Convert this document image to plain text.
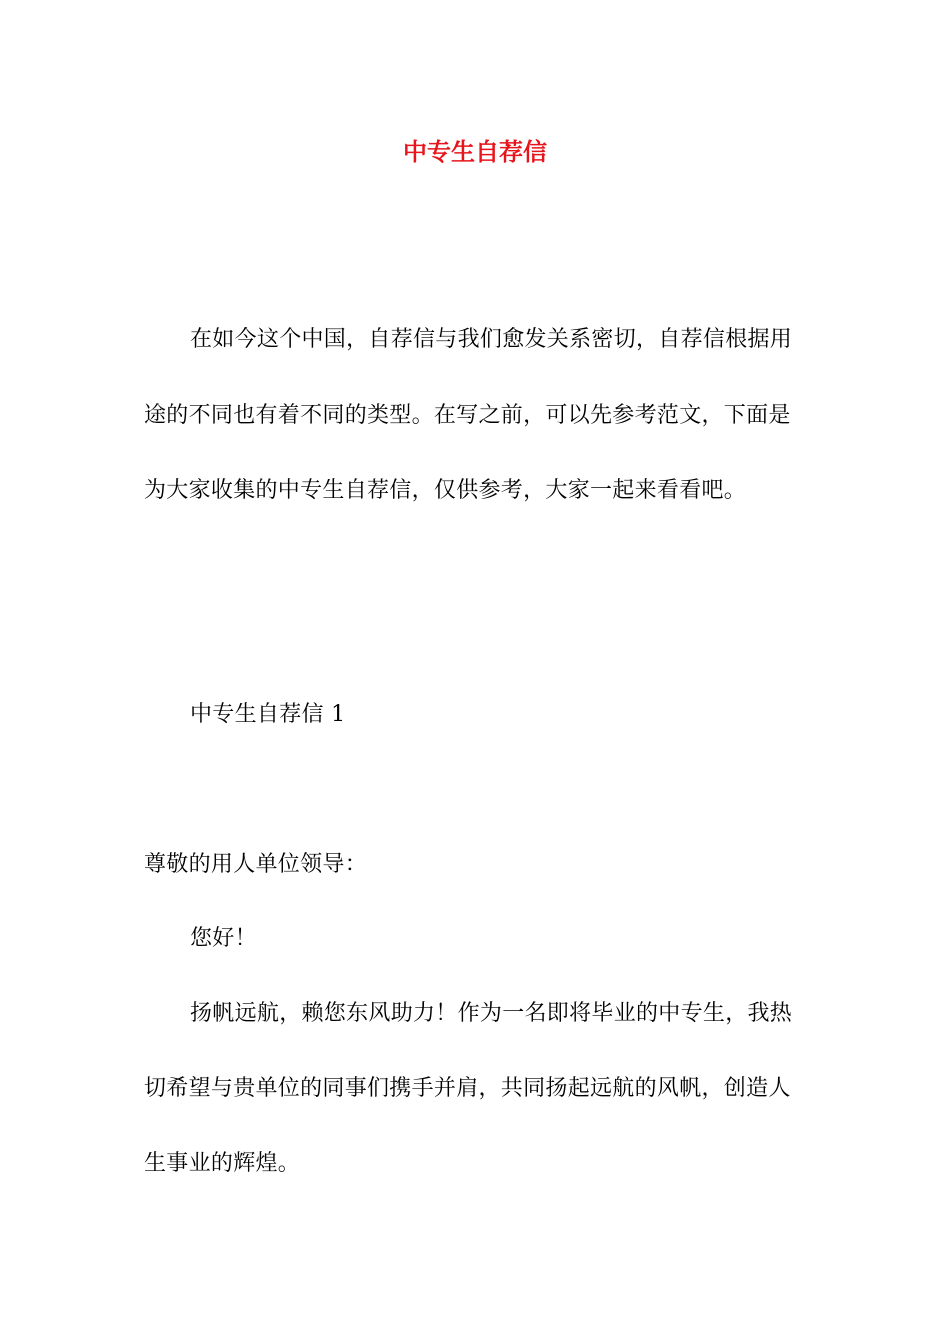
中专生自荐信
在如今这个中国，自荐信与我们愈发关系密切，自荐信根据用
途的不同也有着不同的类型。在写之前，可以先参考范文，下面是
为大家收集的中专生自荐信，仅供参考，大家一起来看看吧。
中专生自荐信 1
尊敬的用人单位领导：
您好！
扬帆远航，赖您东风助力！作为一名即将毕业的中专生，我热
切希望与贵单位的同事们携手并肩，共同扬起远航的风帆，创造人
生事业的辉煌。
